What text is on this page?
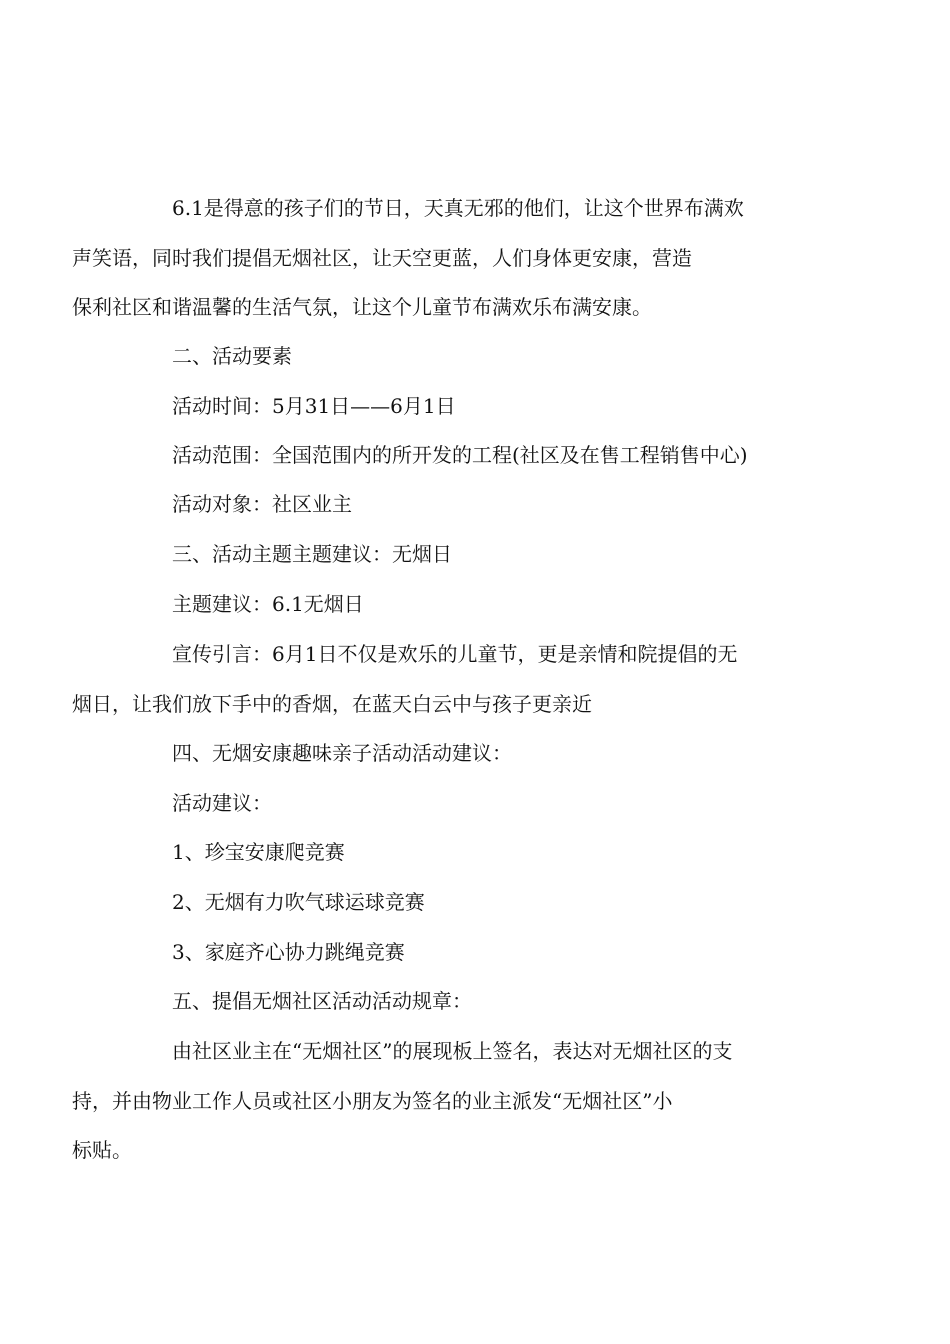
6.1是得意的孩子们的节日，天真无邪的他们，让这个世界布满欢
声笑语，同时我们提倡无烟社区，让天空更蓝，人们身体更安康，营造
保利社区和谐温馨的生活气氛，让这个儿童节布满欢乐布满安康。

二、活动要素

活动时间：5月31日——6月1日

活动范围：全国范围内的所开发的工程(社区及在售工程销售中心)

活动对象：社区业主

三、活动主题主题建议：无烟日

主题建议：6.1无烟日

宣传引言：6月1日不仅是欢乐的儿童节，更是亲情和院提倡的无
烟日，让我们放下手中的香烟，在蓝天白云中与孩子更亲近

四、无烟安康趣味亲子活动活动建议：

活动建议：

1、珍宝安康爬竞赛

2、无烟有力吹气球运球竞赛

3、家庭齐心协力跳绳竞赛

五、提倡无烟社区活动活动规章：

由社区业主在“无烟社区”的展现板上签名，表达对无烟社区的支
持，并由物业工作人员或社区小朋友为签名的业主派发“无烟社区”小
标贴。
